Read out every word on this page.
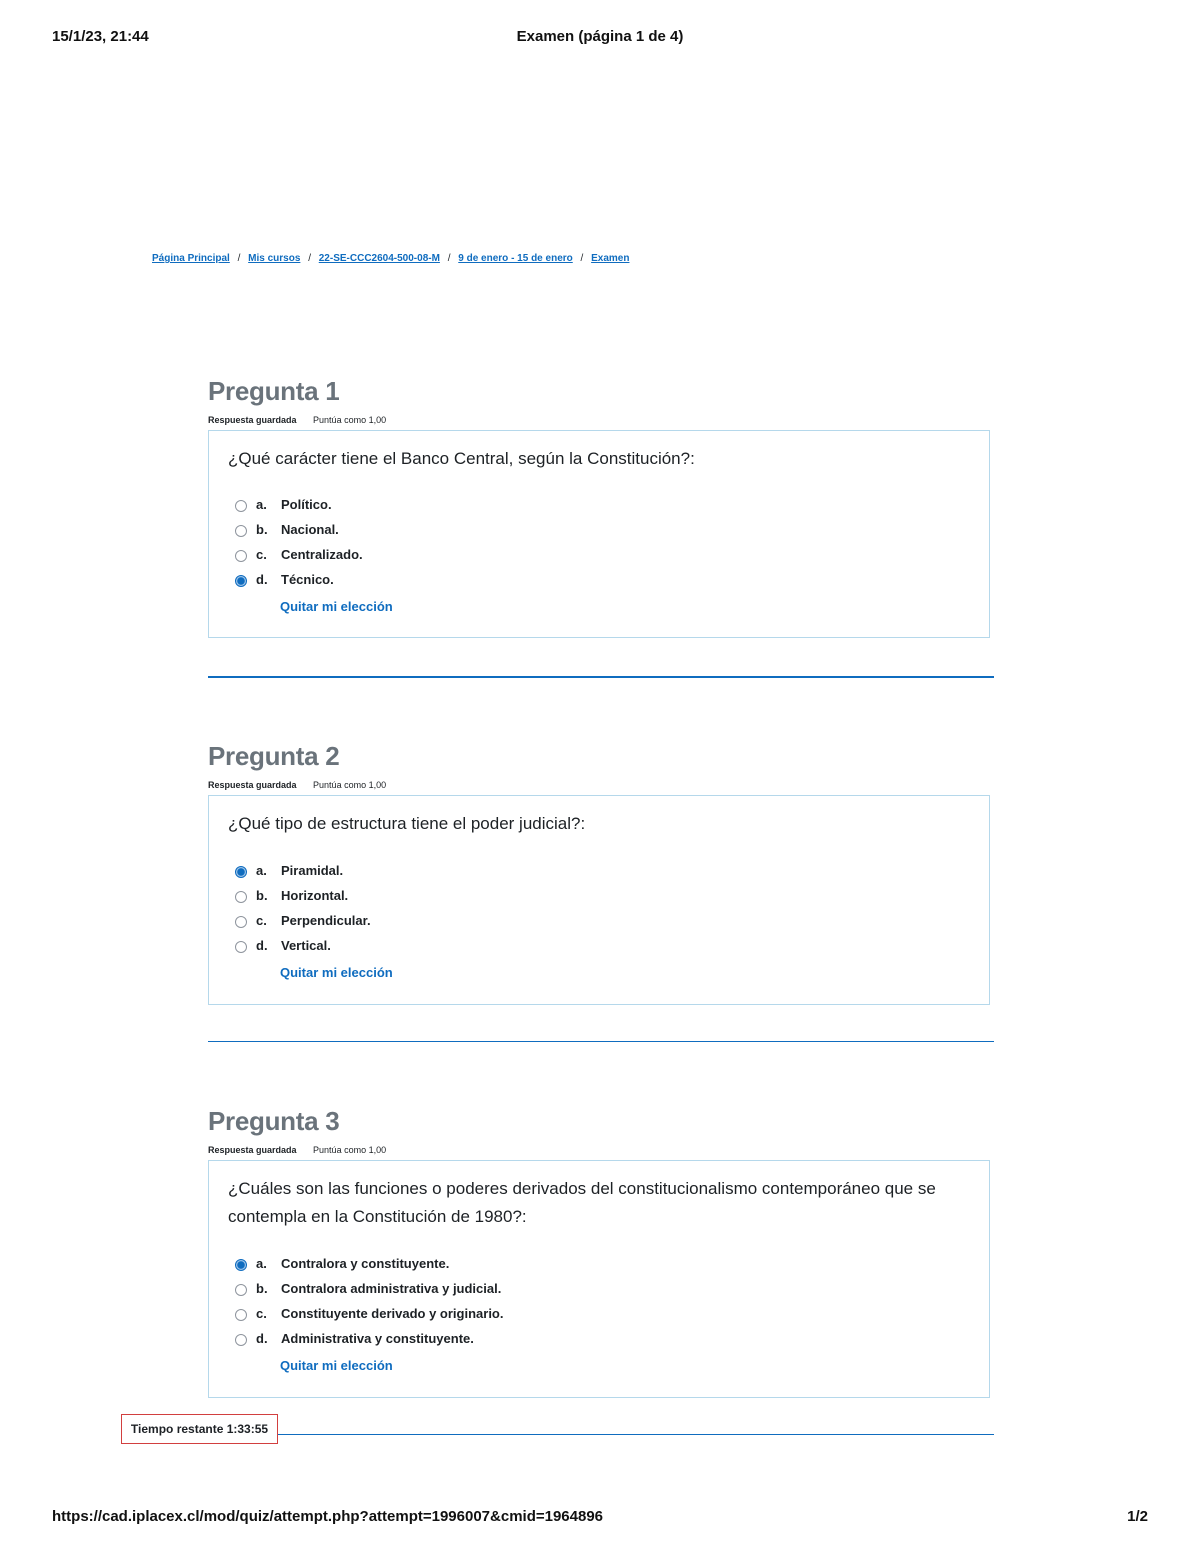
15/1/23, 21:44	Examen (página 1 de 4)
Página Principal / Mis cursos / 22-SE-CCC2604-500-08-M / 9 de enero - 15 de enero / Examen
Pregunta 1
Respuesta guardada Puntúa como 1,00
¿Qué carácter tiene el Banco Central, según la Constitución?:
a. Político.
b. Nacional.
c. Centralizado.
d. Técnico.
Quitar mi elección
Pregunta 2
Respuesta guardada Puntúa como 1,00
¿Qué tipo de estructura tiene el poder judicial?:
a. Piramidal.
b. Horizontal.
c. Perpendicular.
d. Vertical.
Quitar mi elección
Pregunta 3
Respuesta guardada Puntúa como 1,00
¿Cuáles son las funciones o poderes derivados del constitucionalismo contemporáneo que se contempla en la Constitución de 1980?:
a. Contralora y constituyente.
b. Contralora administrativa y judicial.
c. Constituyente derivado y originario.
d. Administrativa y constituyente.
Quitar mi elección
Tiempo restante 1:33:55
https://cad.iplacex.cl/mod/quiz/attempt.php?attempt=1996007&cmid=1964896	1/2
